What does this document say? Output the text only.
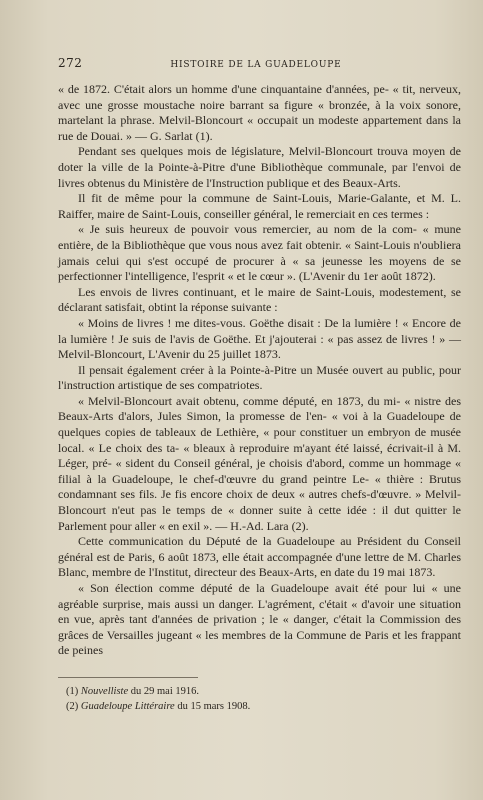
272	HISTOIRE DE LA GUADELOUPE

« de 1872. C'était alors un homme d'une cinquantaine d'années, pe- « tit, nerveux, avec une grosse moustache noire barrant sa figure « bronzée, à la voix sonore, martelant la phrase. Melvil-Bloncourt « occupait un modeste appartement dans la rue de Douai. » — G. Sarlat (1).

Pendant ses quelques mois de législature, Melvil-Bloncourt trouva moyen de doter la ville de la Pointe-à-Pitre d'une Bibliothèque communale, par l'envoi de livres obtenus du Ministère de l'Instruction publique et des Beaux-Arts.

Il fit de même pour la commune de Saint-Louis, Marie-Galante, et M. L. Raiffer, maire de Saint-Louis, conseiller général, le remerciait en ces termes :

« Je suis heureux de pouvoir vous remercier, au nom de la com- « mune entière, de la Bibliothèque que vous nous avez fait obtenir. « Saint-Louis n'oubliera jamais celui qui s'est occupé de procurer à « sa jeunesse les moyens de se perfectionner l'intelligence, l'esprit « et le cœur ». (L'Avenir du 1er août 1872).

Les envois de livres continuant, et le maire de Saint-Louis, modestement, se déclarant satisfait, obtint la réponse suivante :

« Moins de livres ! me dites-vous. Goëthe disait : De la lumière ! « Encore de la lumière ! Je suis de l'avis de Goëthe. Et j'ajouterai : « pas assez de livres ! » — Melvil-Bloncourt, L'Avenir du 25 juillet 1873.

Il pensait également créer à la Pointe-à-Pitre un Musée ouvert au public, pour l'instruction artistique de ses compatriotes.

« Melvil-Bloncourt avait obtenu, comme député, en 1873, du mi- « nistre des Beaux-Arts d'alors, Jules Simon, la promesse de l'en- « voi à la Guadeloupe de quelques copies de tableaux de Lethière, « pour constituer un embryon de musée local. « Le choix des ta- « bleaux à reproduire m'ayant été laissé, écrivait-il à M. Léger, pré- « sident du Conseil général, je choisis d'abord, comme un hommage « filial à la Guadeloupe, le chef-d'œuvre du grand peintre Le- « thière : Brutus condamnant ses fils. Je fis encore choix de deux « autres chefs-d'œuvre. » Melvil-Bloncourt n'eut pas le temps de « donner suite à cette idée : il dut quitter le Parlement pour aller « en exil ». — H.-Ad. Lara (2).

Cette communication du Député de la Guadeloupe au Président du Conseil général est de Paris, 6 août 1873, elle était accompagnée d'une lettre de M. Charles Blanc, membre de l'Institut, directeur des Beaux-Arts, en date du 19 mai 1873.

« Son élection comme député de la Guadeloupe avait été pour lui « une agréable surprise, mais aussi un danger. L'agrément, c'était « d'avoir une situation en vue, après tant d'années de privation ; le « danger, c'était la Commission des grâces de Versailles jugeant « les membres de la Commune de Paris et les frappant de peines

(1) Nouvelliste du 29 mai 1916.

(2) Guadeloupe Littéraire du 15 mars 1908.
